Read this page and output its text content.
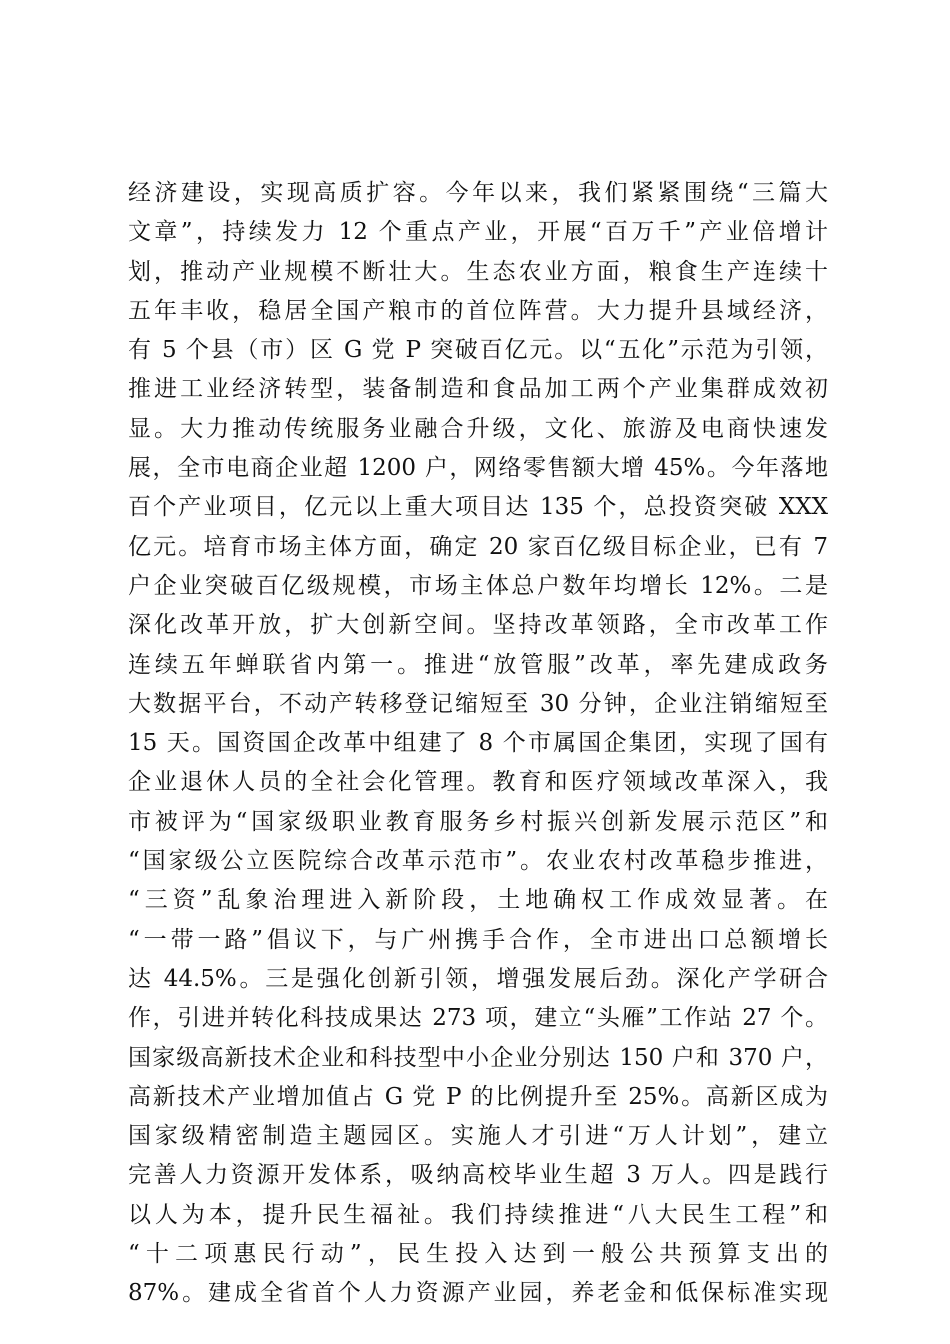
经济建设，实现高质扩容。今年以来，我们紧紧围绕“三篇大
文章”，持续发力 12 个重点产业，开展“百万千”产业倍增计
划，推动产业规模不断壮大。生态农业方面，粮食生产连续十
五年丰收，稳居全国产粮市的首位阵营。大力提升县域经济，
有 5 个县（市）区 G 党 P 突破百亿元。以“五化”示范为引领，
推进工业经济转型，装备制造和食品加工两个产业集群成效初
显。大力推动传统服务业融合升级，文化、旅游及电商快速发
展，全市电商企业超 1200 户，网络零售额大增 45%。今年落地
百个产业项目，亿元以上重大项目达 135 个，总投资突破 XXX
亿元。培育市场主体方面，确定 20 家百亿级目标企业，已有 7
户企业突破百亿级规模，市场主体总户数年均增长 12%。二是
深化改革开放，扩大创新空间。坚持改革领路，全市改革工作
连续五年蝉联省内第一。推进“放管服”改革，率先建成政务
大数据平台，不动产转移登记缩短至 30 分钟，企业注销缩短至
15 天。国资国企改革中组建了 8 个市属国企集团，实现了国有
企业退休人员的全社会化管理。教育和医疗领域改革深入，我
市被评为“国家级职业教育服务乡村振兴创新发展示范区”和
“国家级公立医院综合改革示范市”。农业农村改革稳步推进，
“三资”乱象治理进入新阶段，土地确权工作成效显著。在
“一带一路”倡议下，与广州携手合作，全市进出口总额增长
达 44.5%。三是强化创新引领，增强发展后劲。深化产学研合
作，引进并转化科技成果达 273 项，建立“头雁”工作站 27 个。
国家级高新技术企业和科技型中小企业分别达 150 户和 370 户，
高新技术产业增加值占 G 党 P 的比例提升至 25%。高新区成为
国家级精密制造主题园区。实施人才引进“万人计划”，建立
完善人力资源开发体系，吸纳高校毕业生超 3 万人。四是践行
以人为本，提升民生福祉。我们持续推进“八大民生工程”和
“十二项惠民行动”，民生投入达到一般公共预算支出的
87%。建成全省首个人力资源产业园，养老金和低保标准实现
